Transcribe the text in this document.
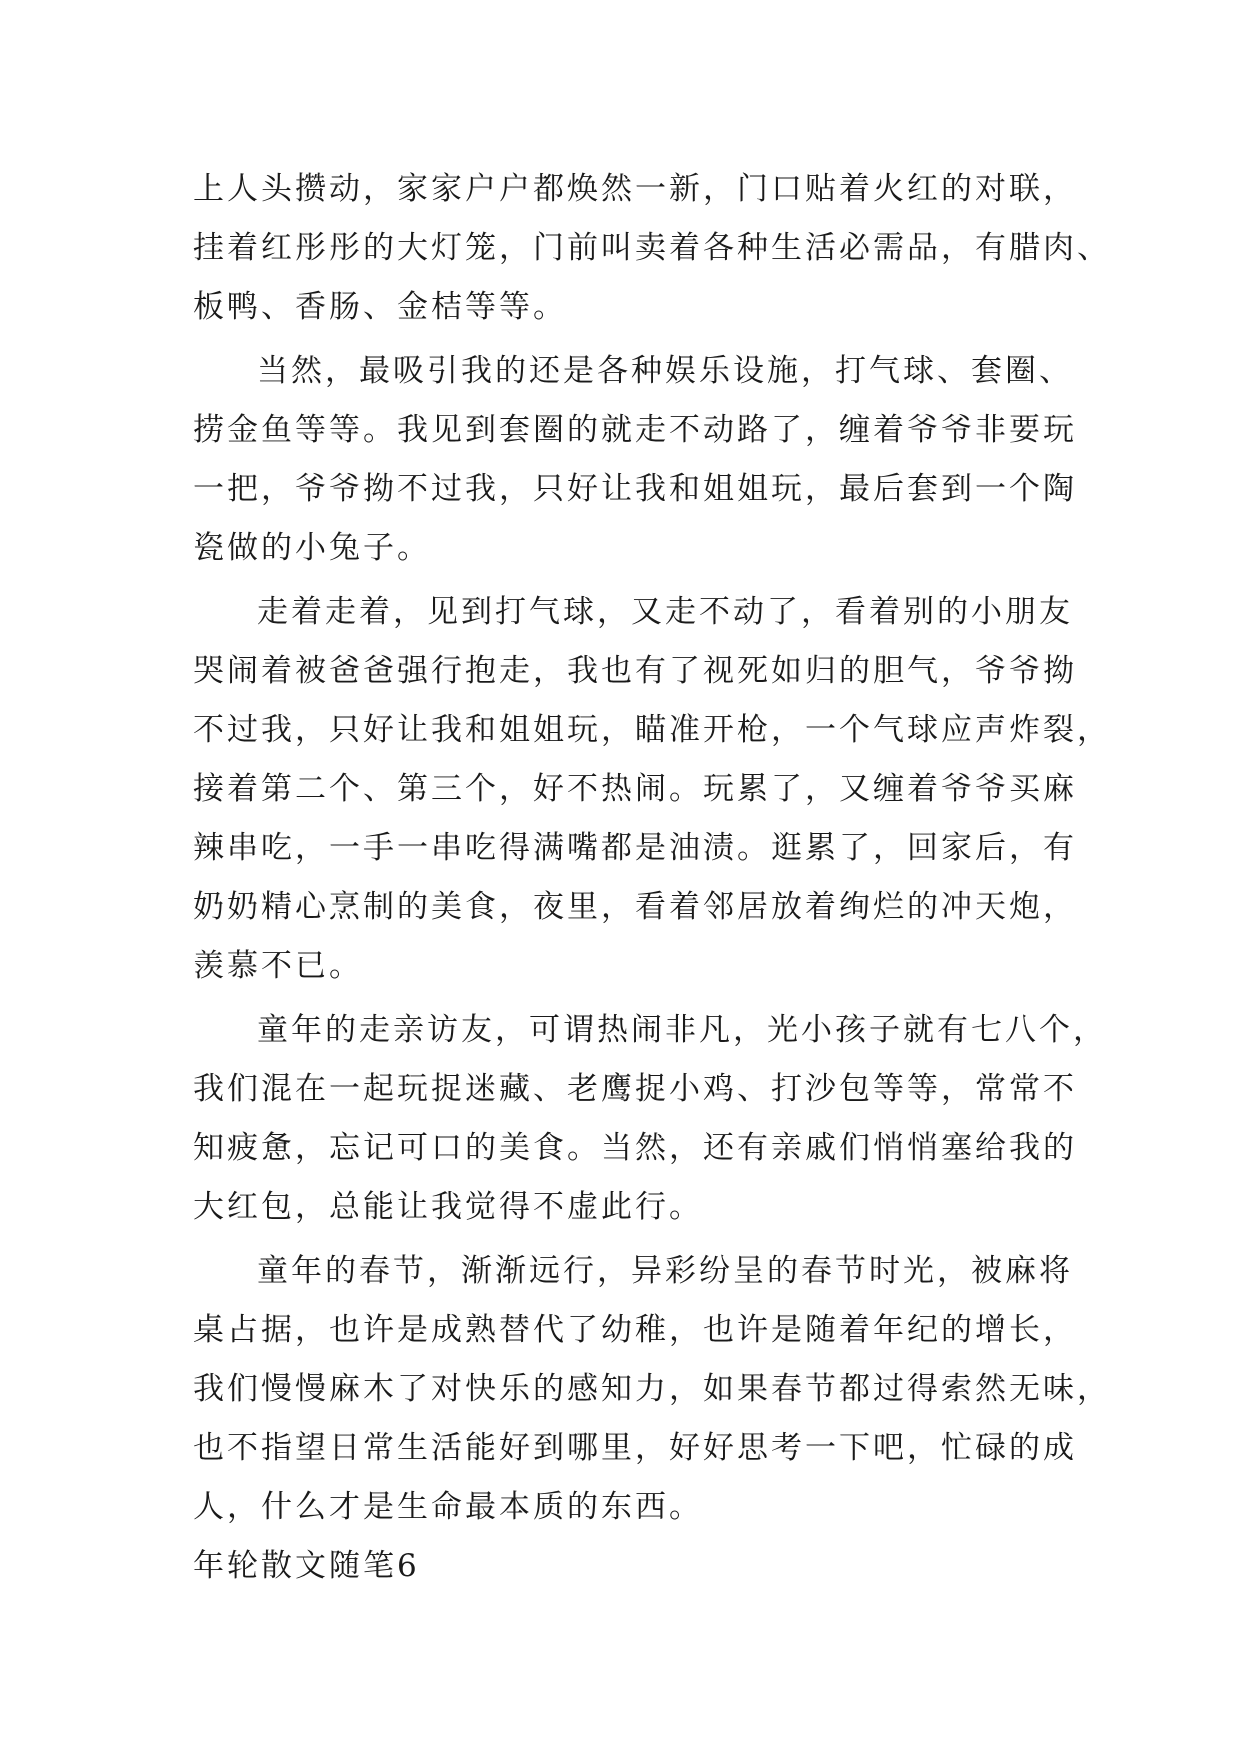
上人头攒动，家家户户都焕然一新，门口贴着火红的对联，
挂着红彤彤的大灯笼，门前叫卖着各种生活必需品，有腊肉、
板鸭、香肠、金桔等等。
当然，最吸引我的还是各种娱乐设施，打气球、套圈、
捞金鱼等等。我见到套圈的就走不动路了，缠着爷爷非要玩
一把，爷爷拗不过我，只好让我和姐姐玩，最后套到一个陶
瓷做的小兔子。
走着走着，见到打气球，又走不动了，看着别的小朋友
哭闹着被爸爸强行抱走，我也有了视死如归的胆气，爷爷拗
不过我，只好让我和姐姐玩，瞄准开枪，一个气球应声炸裂，
接着第二个、第三个，好不热闹。玩累了，又缠着爷爷买麻
辣串吃，一手一串吃得满嘴都是油渍。逛累了，回家后，有
奶奶精心烹制的美食，夜里，看着邻居放着绚烂的冲天炮，
羡慕不已。
童年的走亲访友，可谓热闹非凡，光小孩子就有七八个，
我们混在一起玩捉迷藏、老鹰捉小鸡、打沙包等等，常常不
知疲惫，忘记可口的美食。当然，还有亲戚们悄悄塞给我的
大红包，总能让我觉得不虚此行。
童年的春节，渐渐远行，异彩纷呈的春节时光，被麻将
桌占据，也许是成熟替代了幼稚，也许是随着年纪的增长，
我们慢慢麻木了对快乐的感知力，如果春节都过得索然无味，
也不指望日常生活能好到哪里，好好思考一下吧，忙碌的成
人，什么才是生命最本质的东西。
年轮散文随笔6
